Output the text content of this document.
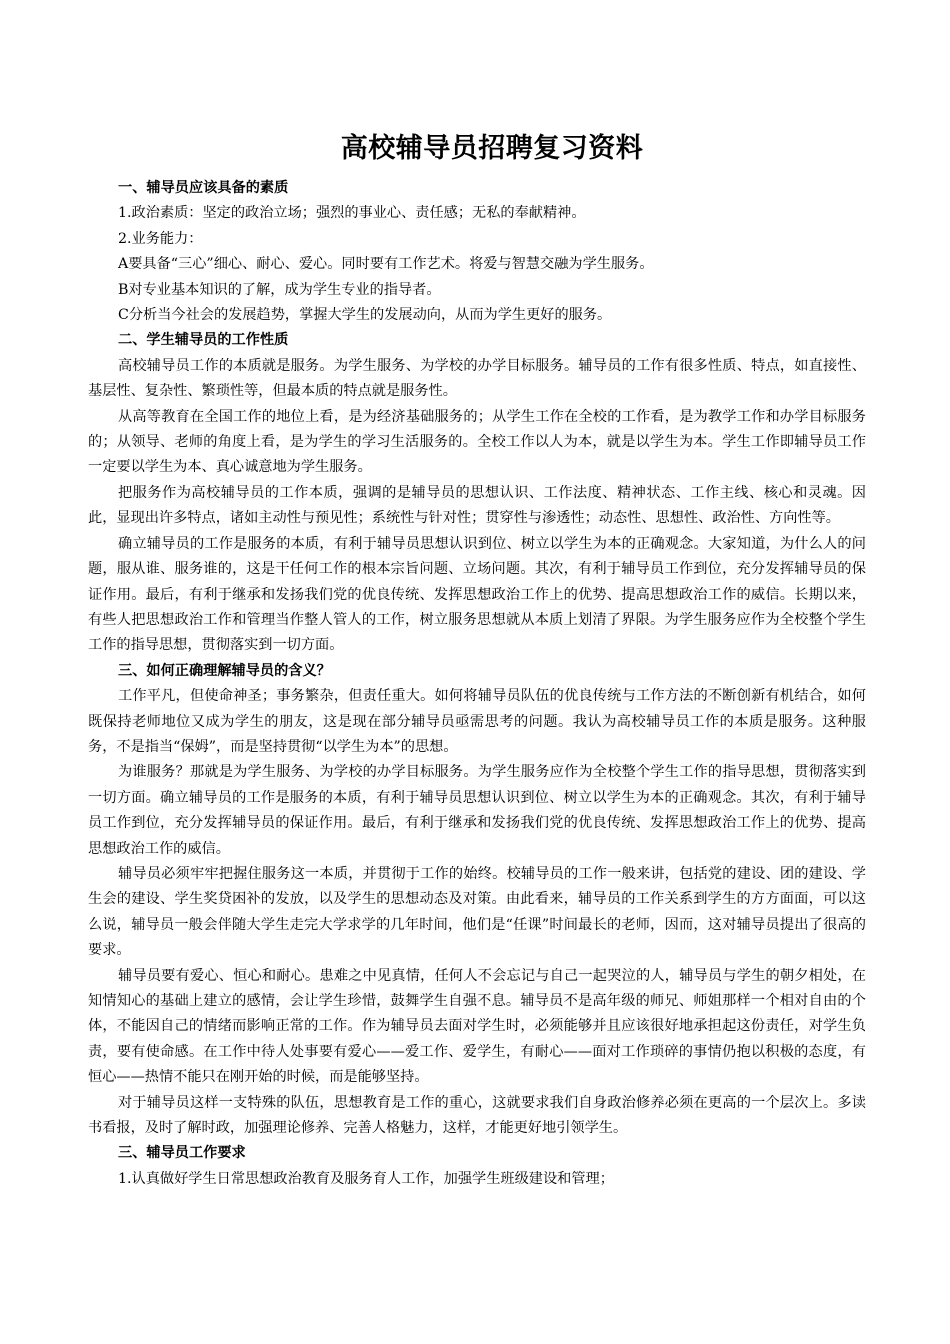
高校辅导员招聘复习资料
一、辅导员应该具备的素质

1.政治素质：坚定的政治立场；强烈的事业心、责任感；无私的奉献精神。

2.业务能力：

A要具备“三心”细心、耐心、爱心。同时要有工作艺术。将爱与智慧交融为学生服务。

B对专业基本知识的了解，成为学生专业的指导者。

C分析当今社会的发展趋势，掌握大学生的发展动向，从而为学生更好的服务。

二、学生辅导员的工作性质

高校辅导员工作的本质就是服务。为学生服务、为学校的办学目标服务。辅导员的工作有很多性质、特点，如直接性、基层性、复杂性、繁琐性等，但最本质的特点就是服务性。

从高等教育在全国工作的地位上看，是为经济基础服务的；从学生工作在全校的工作看，是为教学工作和办学目标服务的；从领导、老师的角度上看，是为学生的学习生活服务的。全校工作以人为本，就是以学生为本。学生工作即辅导员工作一定要以学生为本、真心诚意地为学生服务。

把服务作为高校辅导员的工作本质，强调的是辅导员的思想认识、工作法度、精神状态、工作主线、核心和灵魂。因此，显现出许多特点，诸如主动性与预见性；系统性与针对性；贯穿性与渗透性；动态性、思想性、政治性、方向性等。

确立辅导员的工作是服务的本质，有利于辅导员思想认识到位、树立以学生为本的正确观念。大家知道，为什么人的问题，服从谁、服务谁的，这是干任何工作的根本宗旨问题、立场问题。其次，有利于辅导员工作到位，充分发挥辅导员的保证作用。最后，有利于继承和发扬我们党的优良传统、发挥思想政治工作上的优势、提高思想政治工作的威信。长期以来，有些人把思想政治工作和管理当作整人管人的工作，树立服务思想就从本质上划清了界限。为学生服务应作为全校整个学生工作的指导思想，贯彻落实到一切方面。

三、如何正确理解辅导员的含义？

工作平凡，但使命神圣；事务繁杂，但责任重大。如何将辅导员队伍的优良传统与工作方法的不断创新有机结合，如何既保持老师地位又成为学生的朋友，这是现在部分辅导员亟需思考的问题。我认为高校辅导员工作的本质是服务。这种服务，不是指当“保姆”，而是坚持贯彻“以学生为本”的思想。

为谁服务？那就是为学生服务、为学校的办学目标服务。为学生服务应作为全校整个学生工作的指导思想，贯彻落实到一切方面。确立辅导员的工作是服务的本质，有利于辅导员思想认识到位、树立以学生为本的正确观念。其次，有利于辅导员工作到位，充分发挥辅导员的保证作用。最后，有利于继承和发扬我们党的优良传统、发挥思想政治工作上的优势、提高思想政治工作的威信。

辅导员必须牢牢把握住服务这一本质，并贯彻于工作的始终。校辅导员的工作一般来讲，包括党的建设、团的建设、学生会的建设、学生奖贷困补的发放，以及学生的思想动态及对策。由此看来，辅导员的工作关系到学生的方方面面，可以这么说，辅导员一般会伴随大学生走完大学求学的几年时间，他们是“任课”时间最长的老师，因而，这对辅导员提出了很高的要求。

辅导员要有爱心、恒心和耐心。患难之中见真情，任何人不会忘记与自己一起哭泣的人，辅导员与学生的朝夕相处，在知情知心的基础上建立的感情，会让学生珍惜，鼓舞学生自强不息。辅导员不是高年级的师兄、师姐那样一个相对自由的个体，不能因自己的情绪而影响正常的工作。作为辅导员去面对学生时，必须能够并且应该很好地承担起这份责任，对学生负责，要有使命感。在工作中待人处事要有爱心——爱工作、爱学生，有耐心——面对工作琐碎的事情仍抱以积极的态度，有恒心——热情不能只在刚开始的时候，而是能够坚持。

对于辅导员这样一支特殊的队伍，思想教育是工作的重心，这就要求我们自身政治修养必须在更高的一个层次上。多读书看报，及时了解时政，加强理论修养、完善人格魅力，这样，才能更好地引领学生。

三、辅导员工作要求

1.认真做好学生日常思想政治教育及服务育人工作，加强学生班级建设和管理；
